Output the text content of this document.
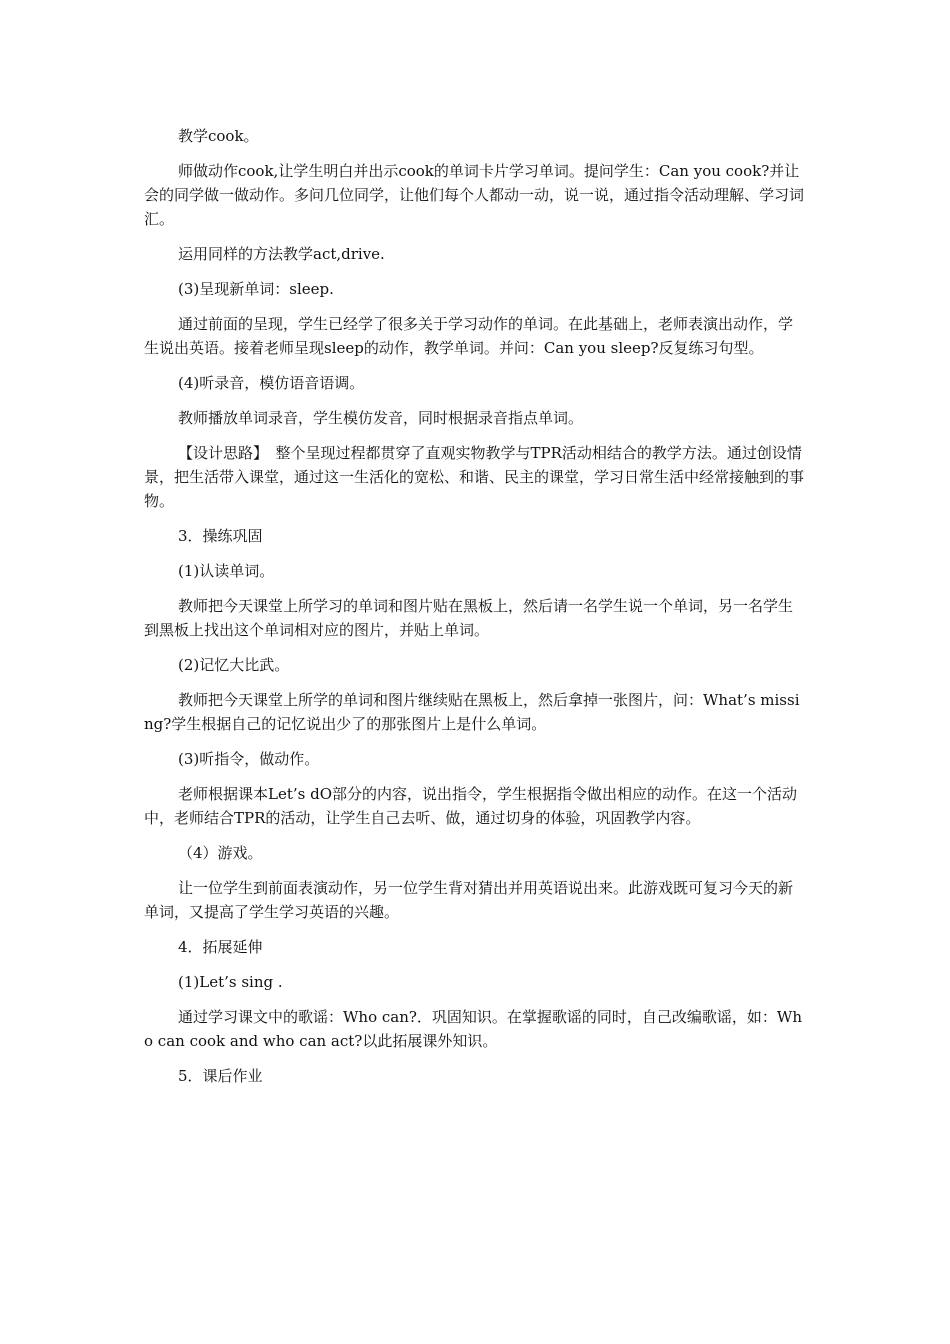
教学cook。

师做动作cook,让学生明白并出示cook的单词卡片学习单词。提问学生：Can you cook?并让会的同学做一做动作。多问几位同学，让他们每个人都动一动，说一说，通过指令活动理解、学习词汇。

运用同样的方法教学act,drive.

(3)呈现新单词：sleep.

通过前面的呈现，学生已经学了很多关于学习动作的单词。在此基础上，老师表演出动作，学生说出英语。接着老师呈现sleep的动作，教学单词。并问：Can you sleep?反复练习句型。

(4)听录音，模仿语音语调。

教师播放单词录音，学生模仿发音，同时根据录音指点单词。

【设计思路】　整个呈现过程都贯穿了直观实物教学与TPR活动相结合的教学方法。通过创设情景，把生活带入课堂，通过这一生活化的宽松、和谐、民主的课堂，学习日常生活中经常接触到的事物。

3．操练巩固

(1)认读单词。

教师把今天课堂上所学习的单词和图片贴在黑板上，然后请一名学生说一个单词，另一名学生到黑板上找出这个单词相对应的图片，并贴上单词。

(2)记忆大比武。

教师把今天课堂上所学的单词和图片继续贴在黑板上，然后拿掉一张图片，问：What’s missing?学生根据自己的记忆说出少了的那张图片上是什么单词。

(3)听指令，做动作。

老师根据课本Let’s dO部分的内容，说出指令，学生根据指令做出相应的动作。在这一个活动中，老师结合TPR的活动，让学生自己去听、做，通过切身的体验，巩固教学内容。

（4）游戏。

让一位学生到前面表演动作，另一位学生背对猜出并用英语说出来。此游戏既可复习今天的新单词，又提高了学生学习英语的兴趣。

4．拓展延伸

(1)Let’s sing .

通过学习课文中的歌谣：Who can?．巩固知识。在掌握歌谣的同时，自己改编歌谣，如：Who can cook and who can act?以此拓展课外知识。

5．课后作业
